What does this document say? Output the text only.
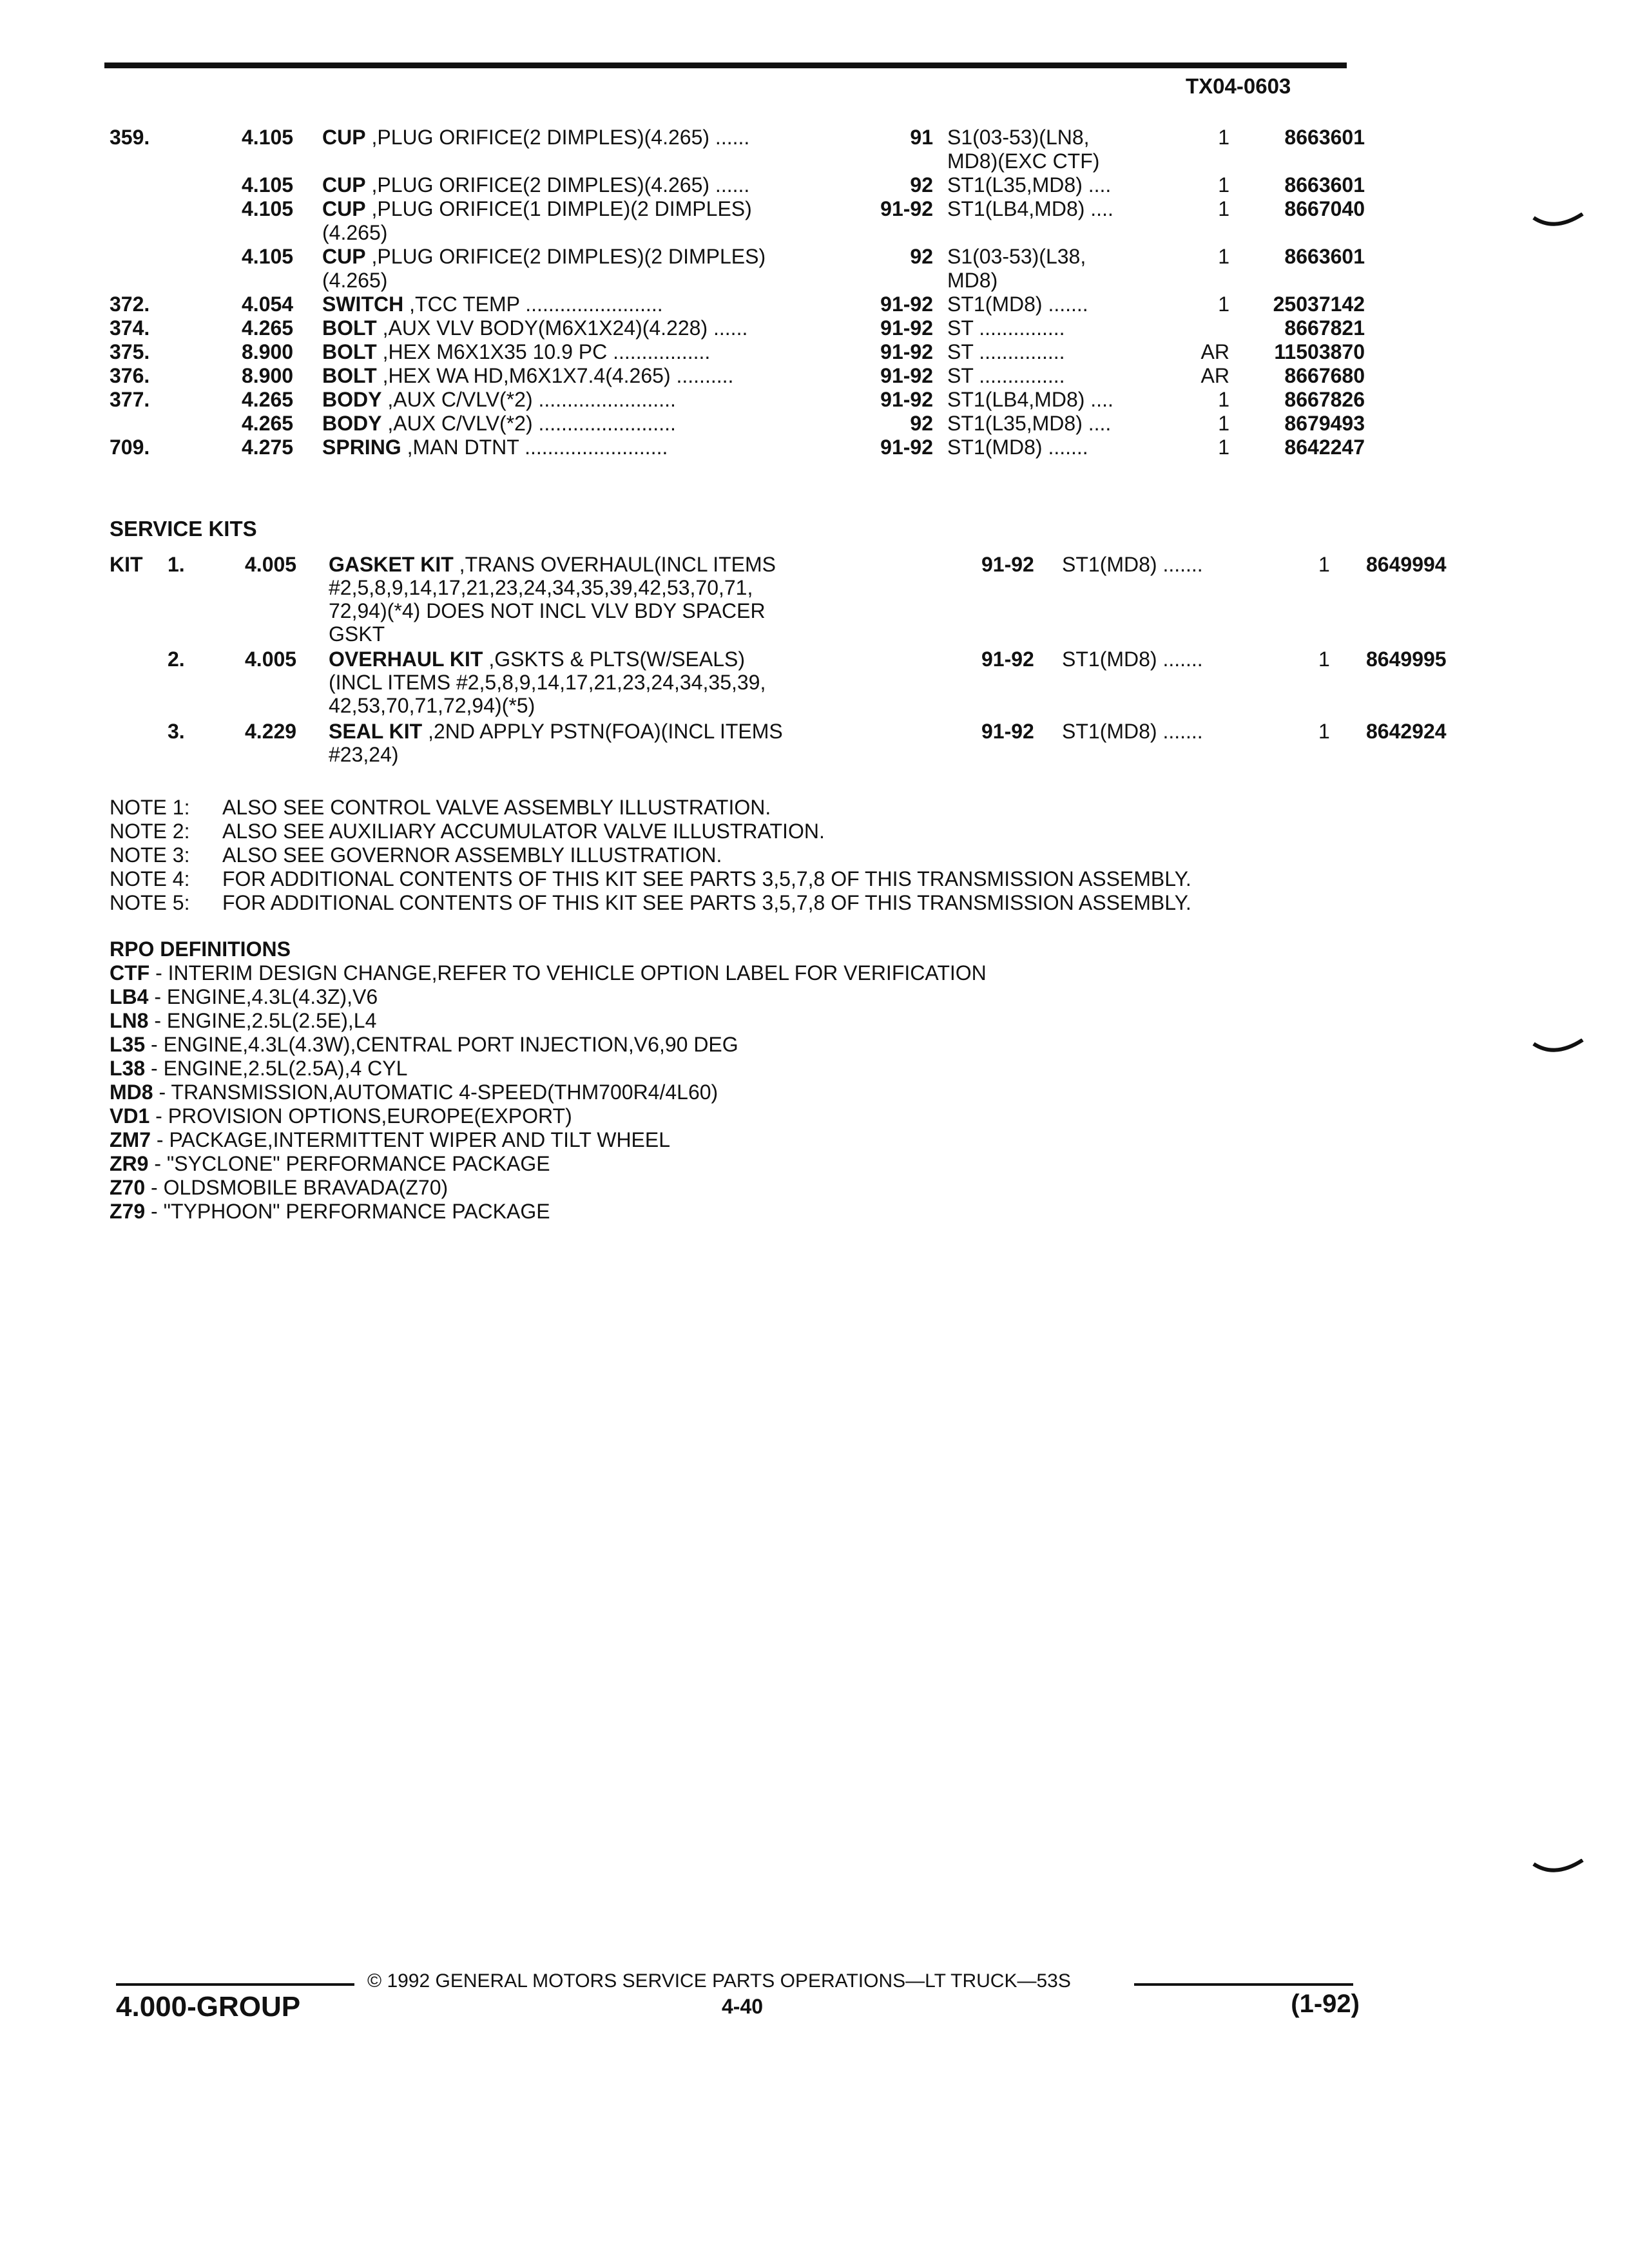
TX04-0603
359.	4.105 CUP ,PLUG ORIFICE(2 DIMPLES)(4.265) ......	91 S1(03-53)(LN8,
MD8)(EXC CTF)
1	8663601
4.105 CUP ,PLUG ORIFICE(2 DIMPLES)(4.265) ......	92 ST1(L35,MD8) ....	1	8663601
4.105 CUP ,PLUG ORIFICE(1 DIMPLE)(2 DIMPLES)
(4.265)
91-92 ST1(LB4,MD8) ....	1	8667040
4.105 CUP ,PLUG ORIFICE(2 DIMPLES)(2 DIMPLES)
(4.265)
92 S1(03-53)(L38,
MD8)
1	8663601
372.	4.054 SWITCH ,TCC TEMP ........................	91-92 ST1(MD8) .......	1 25037142
374.	4.265 BOLT ,AUX VLV BODY(M6X1X24)(4.228) ......	91-92 ST ...............	8667821
375.	8.900 BOLT ,HEX M6X1X35 10.9 PC .................	91-92 ST ...............	AR 11503870
376.	8.900 BOLT ,HEX WA HD,M6X1X7.4(4.265) ..........	91-92 ST ...............	AR	8667680
377.	4.265 BODY ,AUX C/VLV(*2) ........................	91-92 ST1(LB4,MD8) ....	1	8667826
4.265 BODY ,AUX C/VLV(*2) ........................	92 ST1(L35,MD8) ....	1	8679493
709.	4.275 SPRING ,MAN DTNT .........................	91-92 ST1(MD8) .......	1	8642247
SERVICE KITS
KIT 1.	4.005 GASKET KIT ,TRANS OVERHAUL(INCL ITEMS
#2,5,8,9,14,17,21,23,24,34,35,39,42,53,70,71,
72,94)(*4) DOES NOT INCL VLV BDY SPACER
GSKT
91-92 ST1(MD8) .......	1 8649994
2.	4.005 OVERHAUL KIT ,GSKTS & PLTS(W/SEALS)
(INCL ITEMS #2,5,8,9,14,17,21,23,24,34,35,39,
42,53,70,71,72,94)(*5)
91-92 ST1(MD8) .......	1 8649995
3.	4.229 SEAL KIT ,2ND APPLY PSTN(FOA)(INCL ITEMS
#23,24)
91-92 ST1(MD8) .......	1 8642924
NOTE 1: ALSO SEE CONTROL VALVE ASSEMBLY ILLUSTRATION.
NOTE 2: ALSO SEE AUXILIARY ACCUMULATOR VALVE ILLUSTRATION.
NOTE 3: ALSO SEE GOVERNOR ASSEMBLY ILLUSTRATION.
NOTE 4: FOR ADDITIONAL CONTENTS OF THIS KIT SEE PARTS 3,5,7,8 OF THIS TRANSMISSION ASSEMBLY.
NOTE 5: FOR ADDITIONAL CONTENTS OF THIS KIT SEE PARTS 3,5,7,8 OF THIS TRANSMISSION ASSEMBLY.
RPO DEFINITIONS
CTF - INTERIM DESIGN CHANGE,REFER TO VEHICLE OPTION LABEL FOR VERIFICATION
LB4 - ENGINE,4.3L(4.3Z),V6
LN8 - ENGINE,2.5L(2.5E),L4
L35 - ENGINE,4.3L(4.3W),CENTRAL PORT INJECTION,V6,90 DEG
L38 - ENGINE,2.5L(2.5A),4 CYL
MD8 - TRANSMISSION,AUTOMATIC 4-SPEED(THM700R4/4L60)
VD1 - PROVISION OPTIONS,EUROPE(EXPORT)
ZM7 - PACKAGE,INTERMITTENT WIPER AND TILT WHEEL
ZR9 - "SYCLONE" PERFORMANCE PACKAGE
Z70 - OLDSMOBILE BRAVADA(Z70)
Z79 - "TYPHOON" PERFORMANCE PACKAGE
© 1992 GENERAL MOTORS SERVICE PARTS OPERATIONS—LT TRUCK—53S
4.000-GROUP	4-40	(1-92)
